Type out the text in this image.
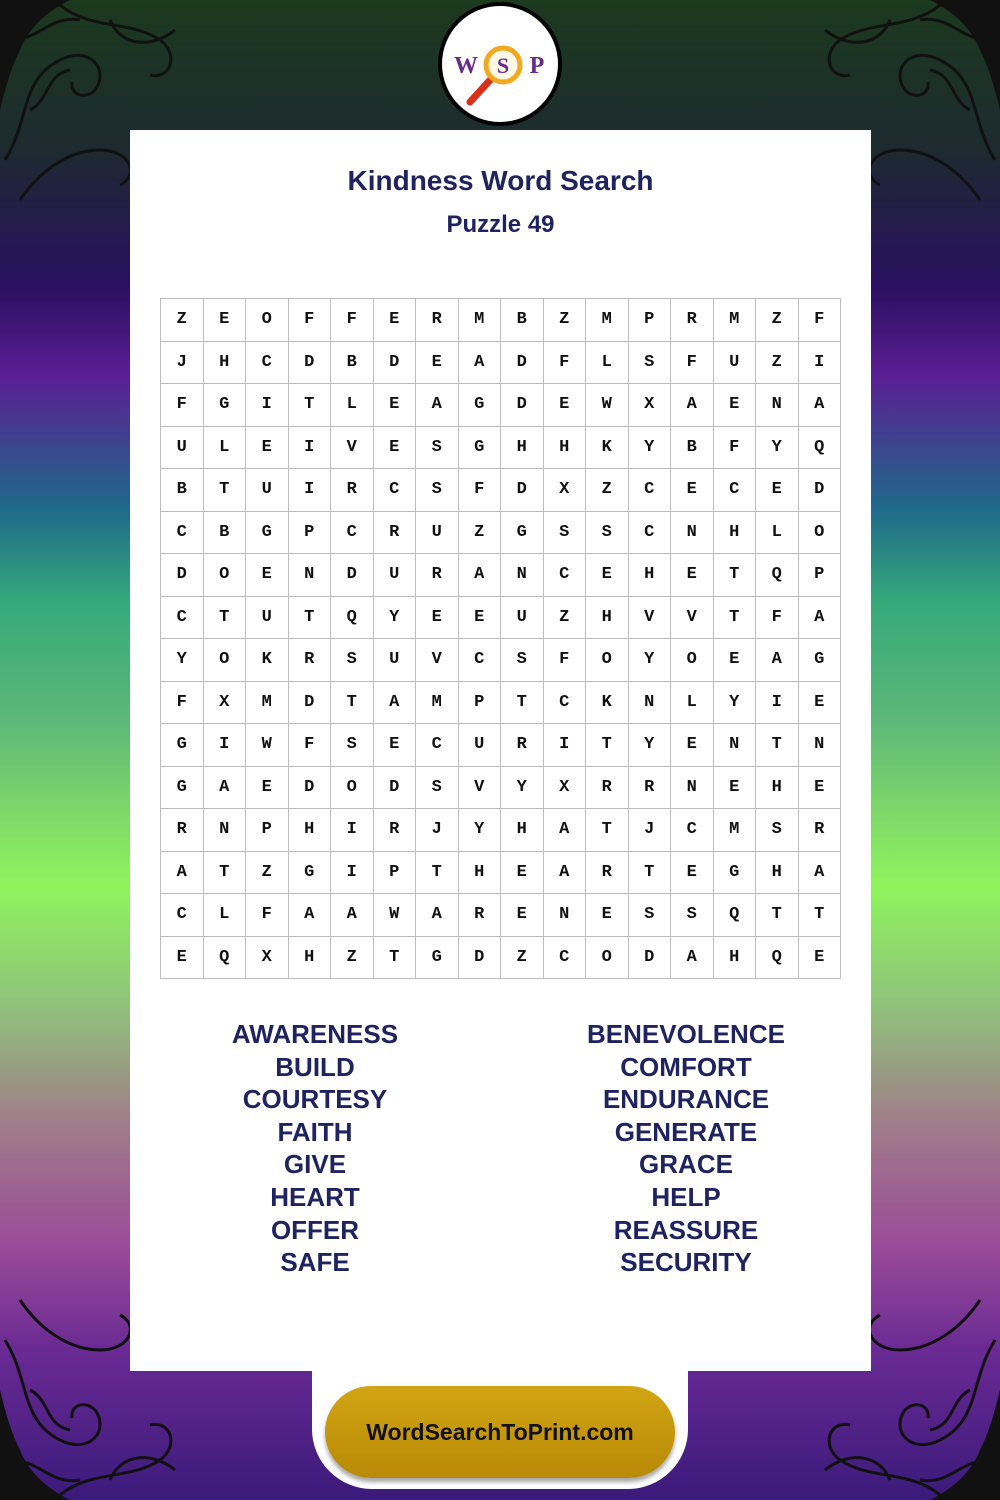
W S P
Kindness Word Search
Puzzle 49
Z	E	O	F	F	E	R	M	B	Z	M	P	R	M	Z	F
J	H	C	D	B	D	E	A	D	F	L	S	F	U	Z	I
F	G	I	T	L	E	A	G	D	E	W	X	A	E	N	A
U	L	E	I	V	E	S	G	H	H	K	Y	B	F	Y	Q
B	T	U	I	R	C	S	F	D	X	Z	C	E	C	E	D
C	B	G	P	C	R	U	Z	G	S	S	C	N	H	L	O
D	O	E	N	D	U	R	A	N	C	E	H	E	T	Q	P
C	T	U	T	Q	Y	E	E	U	Z	H	V	V	T	F	A
Y	O	K	R	S	U	V	C	S	F	O	Y	O	E	A	G
F	X	M	D	T	A	M	P	T	C	K	N	L	Y	I	E
G	I	W	F	S	E	C	U	R	I	T	Y	E	N	T	N
G	A	E	D	O	D	S	V	Y	X	R	R	N	E	H	E
R	N	P	H	I	R	J	Y	H	A	T	J	C	M	S	R
A	T	Z	G	I	P	T	H	E	A	R	T	E	G	H	A
C	L	F	A	A	W	A	R	E	N	E	S	S	Q	T	T
E	Q	X	H	Z	T	G	D	Z	C	O	D	A	H	Q	E
AWARENESS
BUILD
COURTESY
FAITH
GIVE
HEART
OFFER
SAFE
BENEVOLENCE
COMFORT
ENDURANCE
GENERATE
GRACE
HELP
REASSURE
SECURITY
WordSearchToPrint.com
